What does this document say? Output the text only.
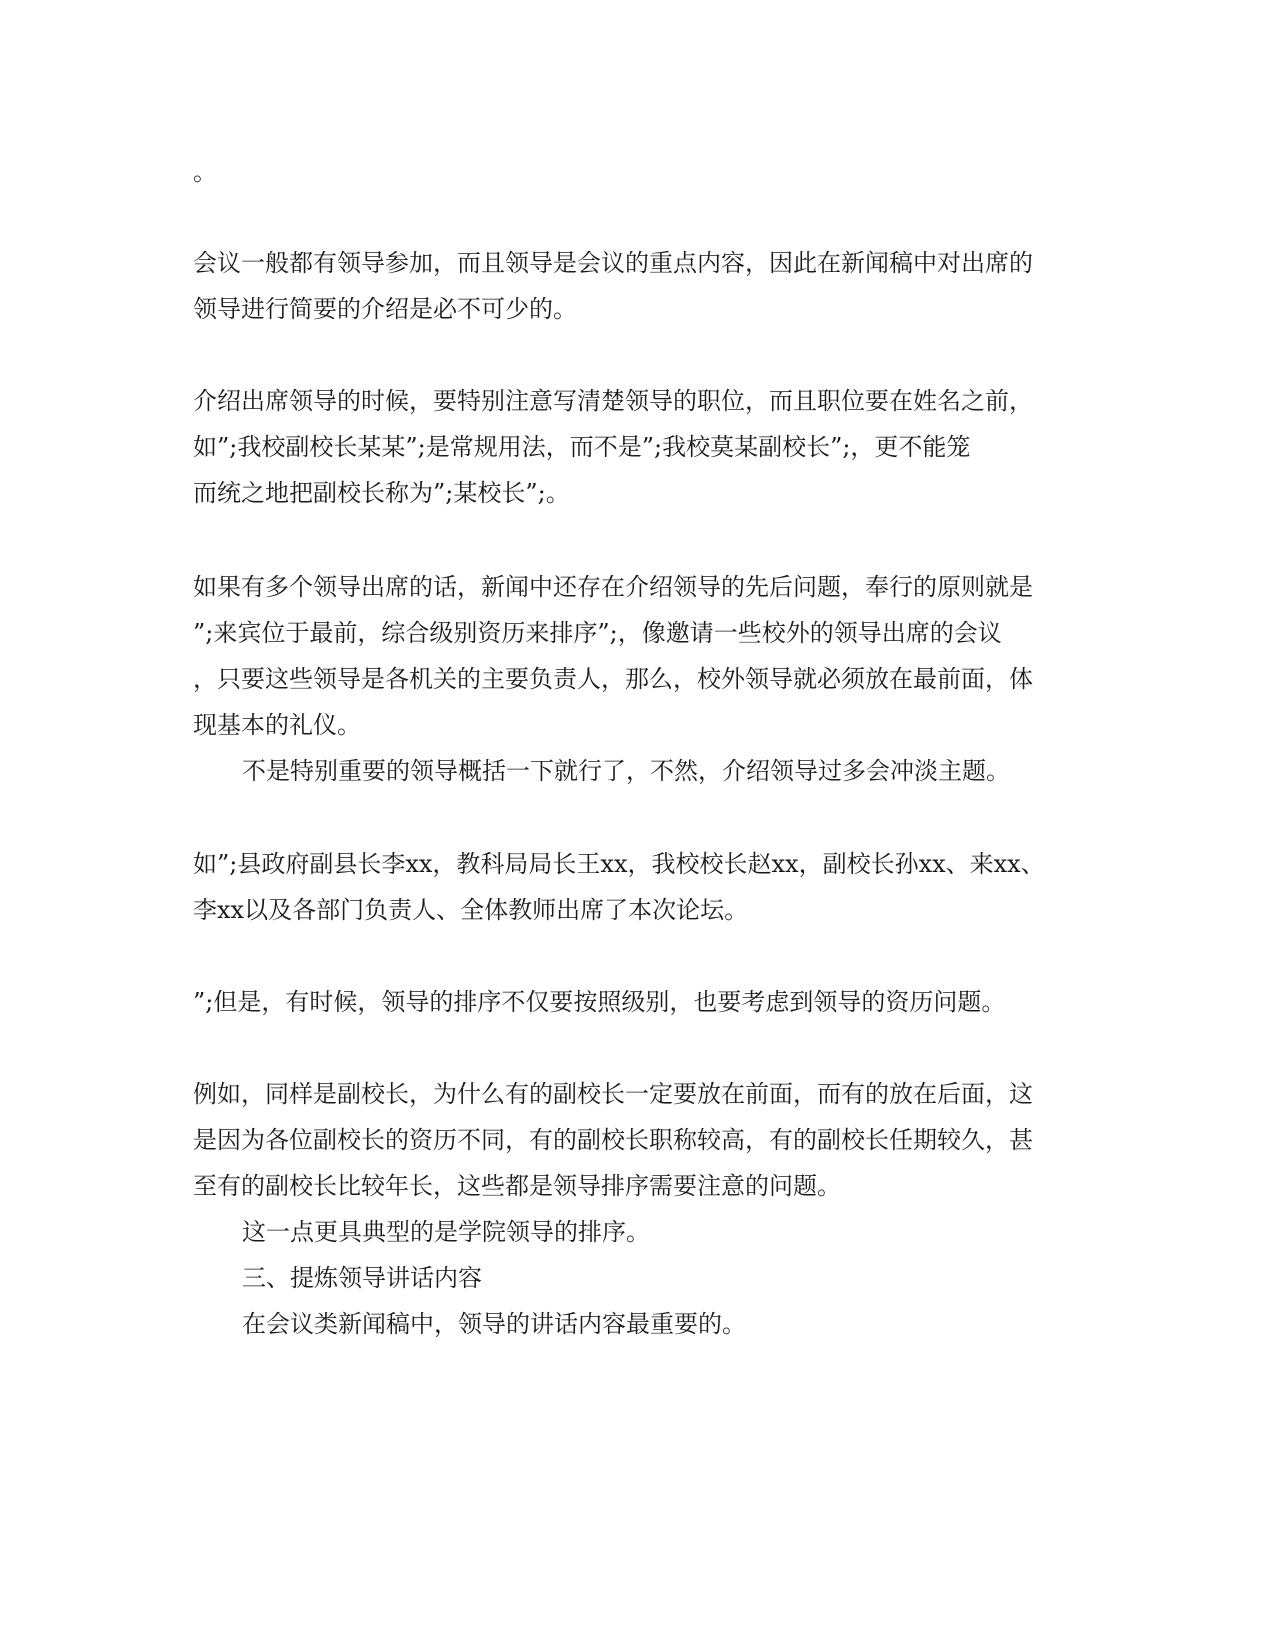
。
会议一般都有领导参加，而且领导是会议的重点内容，因此在新闻稿中对出席的
领导进行简要的介绍是必不可少的。
介绍出席领导的时候，要特别注意写清楚领导的职位，而且职位要在姓名之前，
如”;我校副校长某某”;是常规用法，而不是”;我校莫某副校长”;，更不能笼
而统之地把副校长称为”;某校长”;。
如果有多个领导出席的话，新闻中还存在介绍领导的先后问题，奉行的原则就是
”;来宾位于最前，综合级别资历来排序”;，像邀请一些校外的领导出席的会议
，只要这些领导是各机关的主要负责人，那么，校外领导就必须放在最前面，体
现基本的礼仪。
不是特别重要的领导概括一下就行了，不然，介绍领导过多会冲淡主题。
如”;县政府副县长李xx，教科局局长王xx，我校校长赵xx，副校长孙xx、来xx、
李xx以及各部门负责人、全体教师出席了本次论坛。
”;但是，有时候，领导的排序不仅要按照级别，也要考虑到领导的资历问题。
例如，同样是副校长，为什么有的副校长一定要放在前面，而有的放在后面，这
是因为各位副校长的资历不同，有的副校长职称较高，有的副校长任期较久，甚
至有的副校长比较年长，这些都是领导排序需要注意的问题。
这一点更具典型的是学院领导的排序。
三、提炼领导讲话内容
在会议类新闻稿中，领导的讲话内容最重要的。
